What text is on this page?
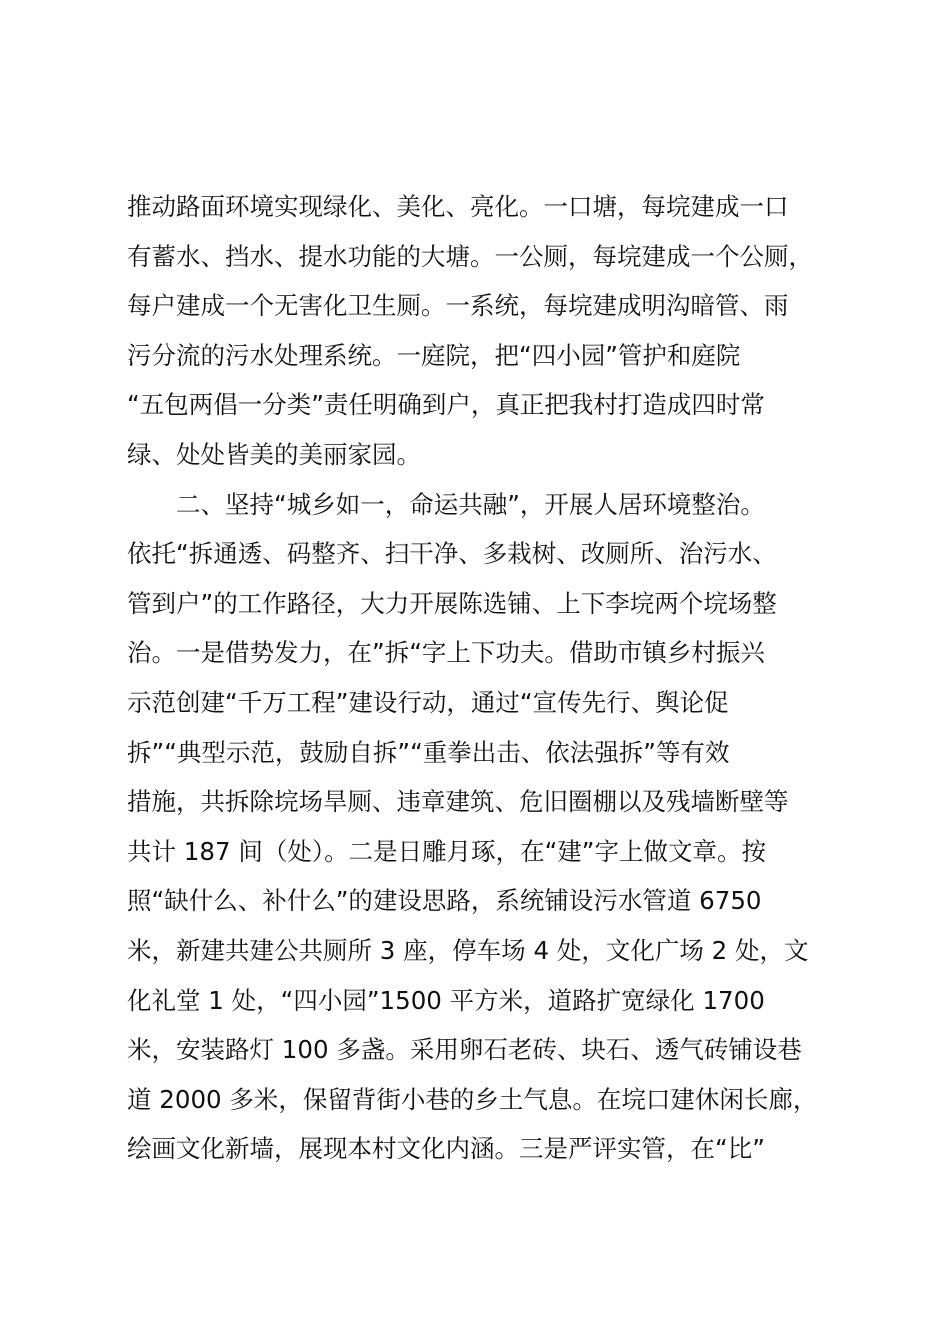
推动路面环境实现绿化、美化、亮化。一口塘，每垸建成一口
有蓄水、挡水、提水功能的大塘。一公厕，每垸建成一个公厕，
每户建成一个无害化卫生厕。一系统，每垸建成明沟暗管、雨
污分流的污水处理系统。一庭院，把“四小园”管护和庭院
“五包两倡一分类”责任明确到户，真正把我村打造成四时常
绿、处处皆美的美丽家园。
二、坚持“城乡如一，命运共融”，开展人居环境整治。
依托“拆通透、码整齐、扫干净、多栽树、改厕所、治污水、
管到户”的工作路径，大力开展陈选铺、上下李垸两个垸场整
治。一是借势发力，在”拆“字上下功夫。借助市镇乡村振兴
示范创建“千万工程”建设行动，通过“宣传先行、舆论促
拆”“典型示范，鼓励自拆”“重拳出击、依法强拆”等有效
措施，共拆除垸场旱厕、违章建筑、危旧圈棚以及残墙断壁等
共计 187 间（处）。二是日雕月琢，在“建”字上做文章。按
照“缺什么、补什么”的建设思路，系统铺设污水管道 6750
米，新建共建公共厕所 3 座，停车场 4 处，文化广场 2 处，文
化礼堂 1 处，“四小园”1500 平方米，道路扩宽绿化 1700
米，安装路灯 100 多盏。采用卵石老砖、块石、透气砖铺设巷
道 2000 多米，保留背街小巷的乡土气息。在垸口建休闲长廊，
绘画文化新墙，展现本村文化内涵。三是严评实管，在“比”
